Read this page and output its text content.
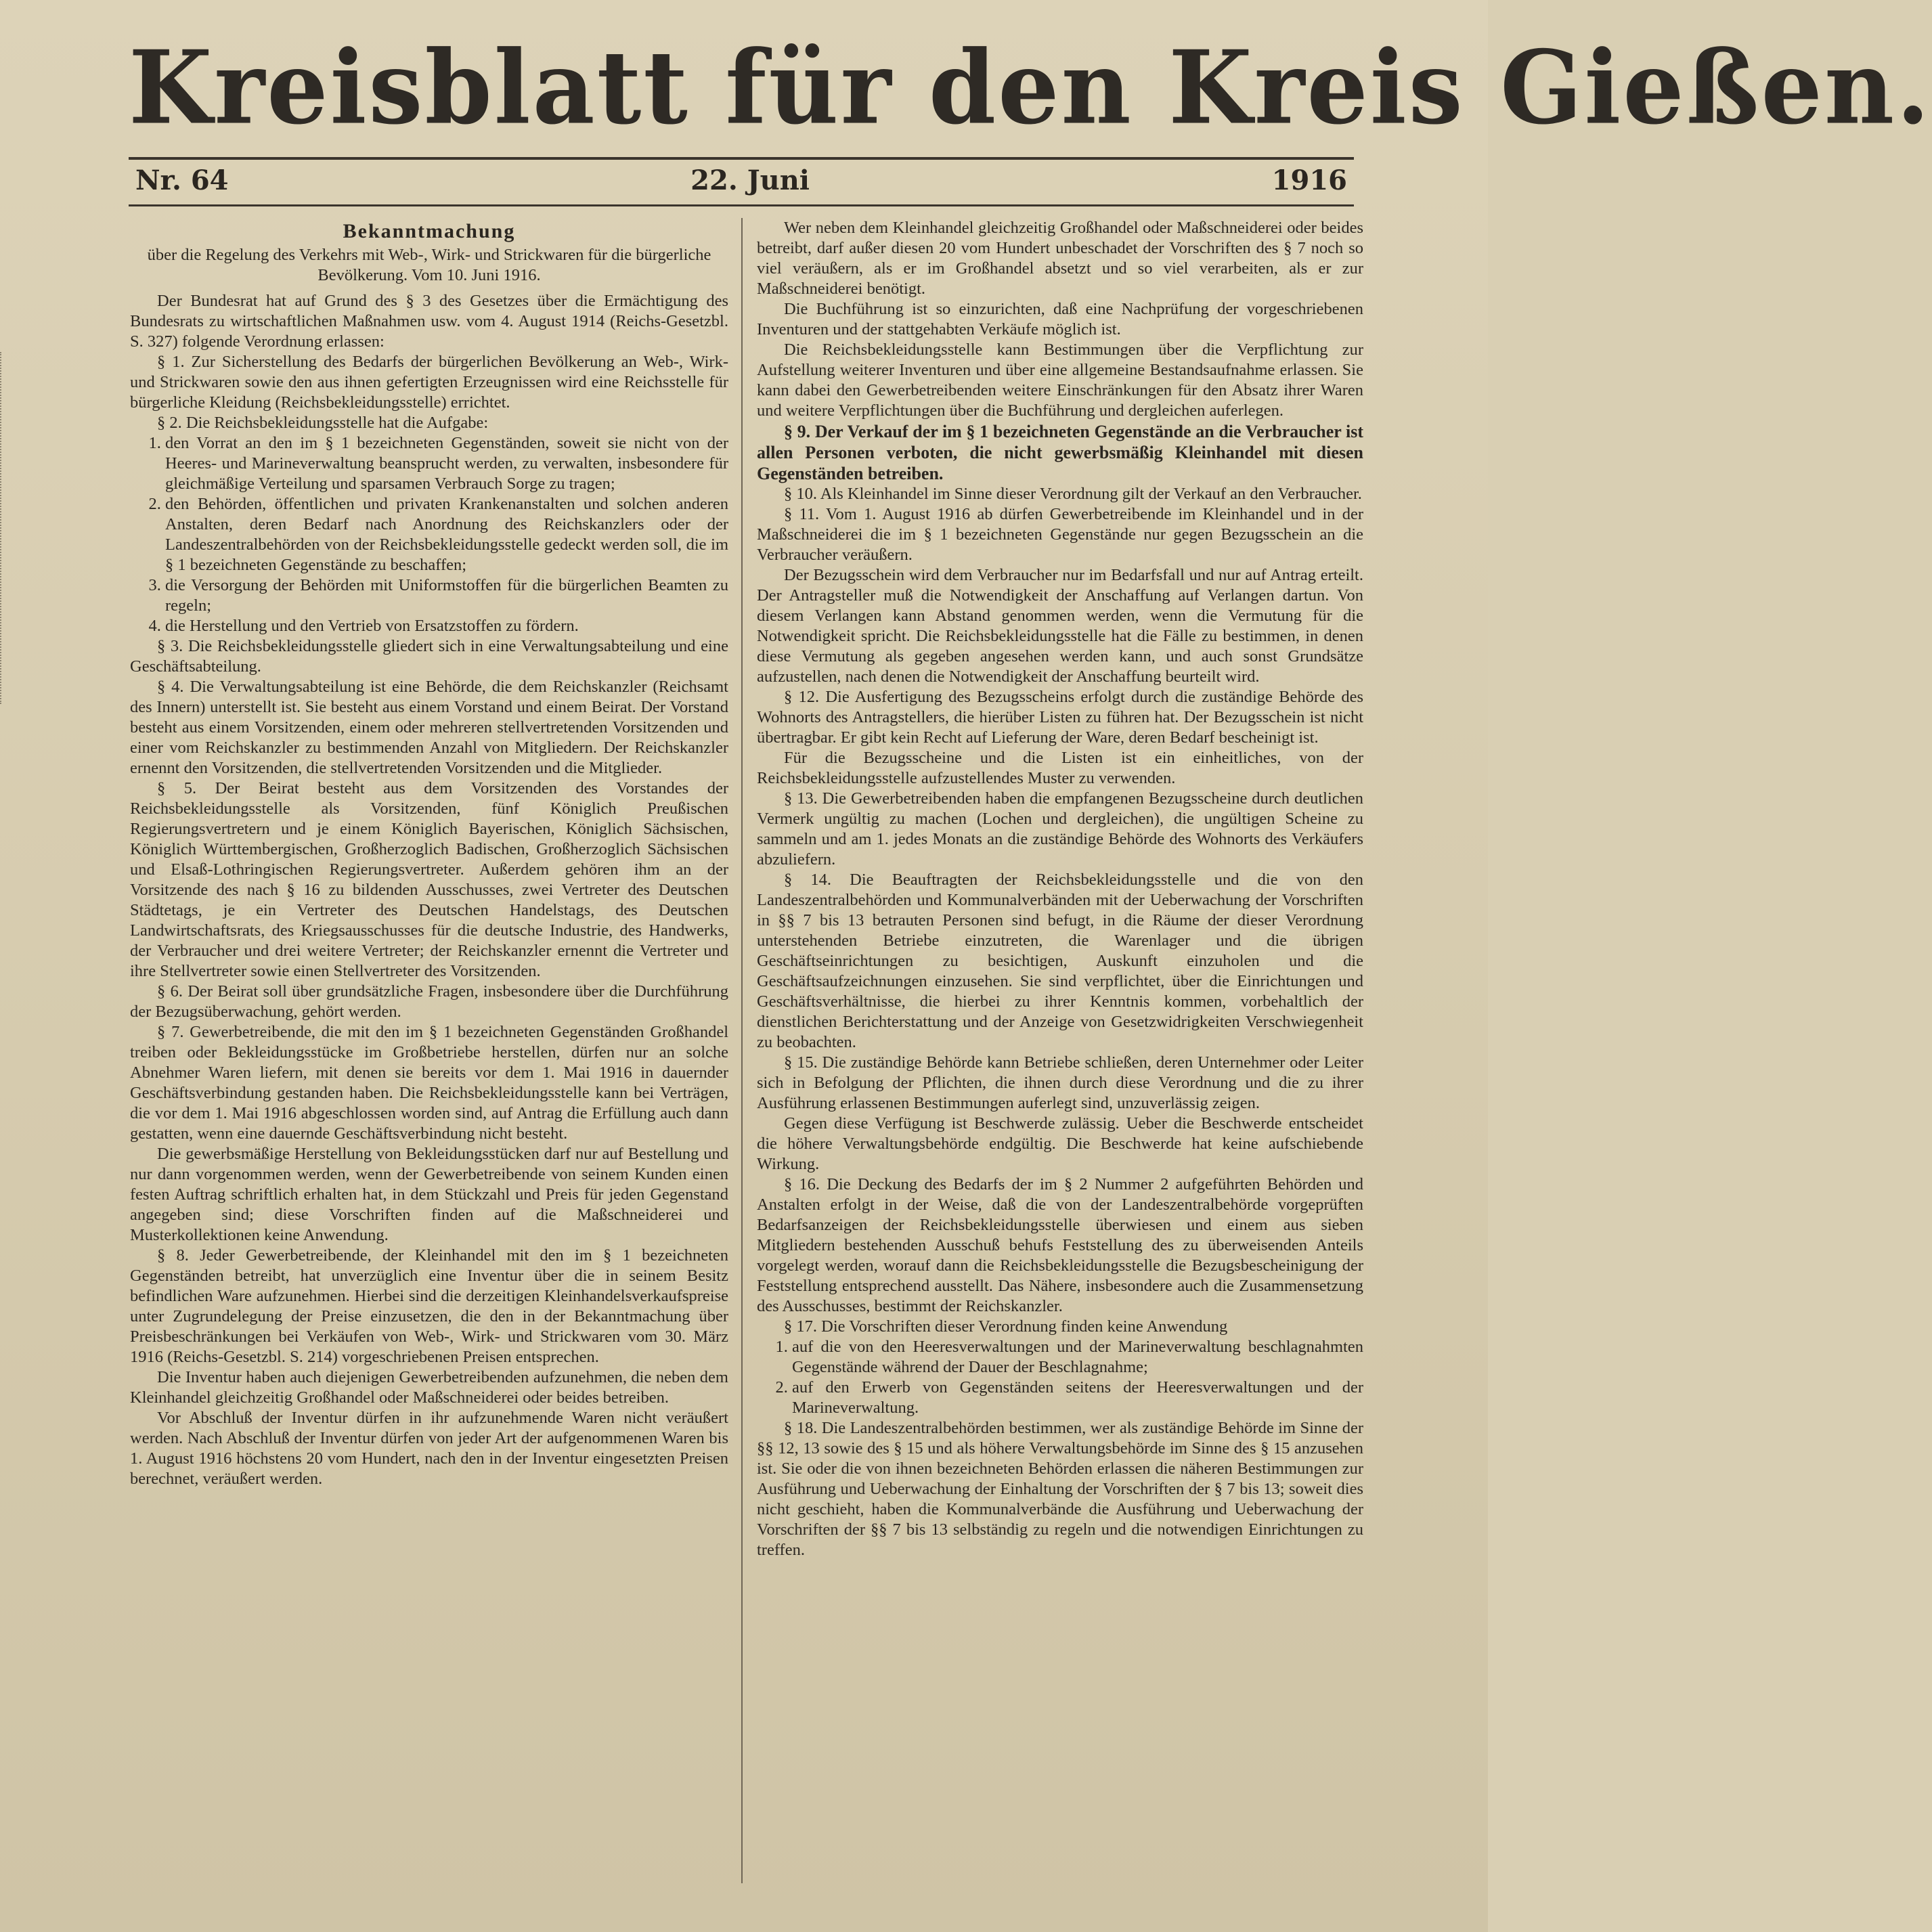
Kreisblatt für den Kreis Gießen.
Nr. 64	22. Juni	1916
Bekanntmachung
über die Regelung des Verkehrs mit Web-, Wirk- und Strickwaren für die bürgerliche Bevölkerung. Vom 10. Juni 1916.

Der Bundesrat hat auf Grund des § 3 des Gesetzes über die Ermächtigung des Bundesrats zu wirtschaftlichen Maßnahmen usw. vom 4. August 1914 (Reichs-Gesetzbl. S. 327) folgende Verordnung erlassen:

§ 1. Zur Sicherstellung des Bedarfs der bürgerlichen Bevölkerung an Web-, Wirk- und Strickwaren sowie den aus ihnen gefertigten Erzeugnissen wird eine Reichsstelle für bürgerliche Kleidung (Reichsbekleidungsstelle) errichtet.

§ 2. Die Reichsbekleidungsstelle hat die Aufgabe:

1. den Vorrat an den im § 1 bezeichneten Gegenständen, soweit sie nicht von der Heeres- und Marineverwaltung beansprucht werden, zu verwalten, insbesondere für gleichmäßige Verteilung und sparsamen Verbrauch Sorge zu tragen;
2. den Behörden, öffentlichen und privaten Krankenanstalten und solchen anderen Anstalten, deren Bedarf nach Anordnung des Reichskanzlers oder der Landeszentralbehörden von der Reichsbekleidungsstelle gedeckt werden soll, die im § 1 bezeichneten Gegenstände zu beschaffen;
3. die Versorgung der Behörden mit Uniformstoffen für die bürgerlichen Beamten zu regeln;
4. die Herstellung und den Vertrieb von Ersatzstoffen zu fördern.

§ 3. Die Reichsbekleidungsstelle gliedert sich in eine Verwaltungsabteilung und eine Geschäftsabteilung.

§ 4. Die Verwaltungsabteilung ist eine Behörde, die dem Reichskanzler (Reichsamt des Innern) unterstellt ist. Sie besteht aus einem Vorstand und einem Beirat. Der Vorstand besteht aus einem Vorsitzenden, einem oder mehreren stellvertretenden Vorsitzenden und einer vom Reichskanzler zu bestimmenden Anzahl von Mitgliedern. Der Reichskanzler ernennt den Vorsitzenden, die stellvertretenden Vorsitzenden und die Mitglieder.

§ 5. Der Beirat besteht aus dem Vorsitzenden des Vorstandes der Reichsbekleidungsstelle als Vorsitzenden, fünf Königlich Preußischen Regierungsvertretern und je einem Königlich Bayerischen, Königlich Sächsischen, Königlich Württembergischen, Großherzoglich Badischen, Großherzoglich Sächsischen und Elsaß-Lothringischen Regierungsvertreter. Außerdem gehören ihm an der Vorsitzende des nach § 16 zu bildenden Ausschusses, zwei Vertreter des Deutschen Städtetags, je ein Vertreter des Deutschen Handelstags, des Deutschen Landwirtschaftsrats, des Kriegsausschusses für die deutsche Industrie, des Handwerks, der Verbraucher und drei weitere Vertreter; der Reichskanzler ernennt die Vertreter und ihre Stellvertreter sowie einen Stellvertreter des Vorsitzenden.

§ 6. Der Beirat soll über grundsätzliche Fragen, insbesondere über die Durchführung der Bezugsüberwachung, gehört werden.

§ 7. Gewerbetreibende, die mit den im § 1 bezeichneten Gegenständen Großhandel treiben oder Bekleidungsstücke im Großbetriebe herstellen, dürfen nur an solche Abnehmer Waren liefern, mit denen sie bereits vor dem 1. Mai 1916 in dauernder Geschäftsverbindung gestanden haben. Die Reichsbekleidungsstelle kann bei Verträgen, die vor dem 1. Mai 1916 abgeschlossen worden sind, auf Antrag die Erfüllung auch dann gestatten, wenn eine dauernde Geschäftsverbindung nicht besteht.

Die gewerbsmäßige Herstellung von Bekleidungsstücken darf nur auf Bestellung und nur dann vorgenommen werden, wenn der Gewerbetreibende von seinem Kunden einen festen Auftrag schriftlich erhalten hat, in dem Stückzahl und Preis für jeden Gegenstand angegeben sind; diese Vorschriften finden auf die Maßschneiderei und Musterkollektionen keine Anwendung.

§ 8. Jeder Gewerbetreibende, der Kleinhandel mit den im § 1 bezeichneten Gegenständen betreibt, hat unverzüglich eine Inventur über die in seinem Besitz befindlichen Ware aufzunehmen. Hierbei sind die derzeitigen Kleinhandelsverkaufspreise unter Zugrundelegung der Preise einzusetzen, die den in der Bekanntmachung über Preisbeschränkungen bei Verkäufen von Web-, Wirk- und Strickwaren vom 30. März 1916 (Reichs-Gesetzbl. S. 214) vorgeschriebenen Preisen entsprechen.

Die Inventur haben auch diejenigen Gewerbetreibenden aufzunehmen, die neben dem Kleinhandel gleichzeitig Großhandel oder Maßschneiderei oder beides betreiben.

Vor Abschluß der Inventur dürfen in ihr aufzunehmende Waren nicht veräußert werden. Nach Abschluß der Inventur dürfen von jeder Art der aufgenommenen Waren bis 1. August 1916 höchstens 20 vom Hundert, nach den in der Inventur eingesetzten Preisen berechnet, veräußert werden.

Wer neben dem Kleinhandel gleichzeitig Großhandel oder Maßschneiderei oder beides betreibt, darf außer diesen 20 vom Hundert unbeschadet der Vorschriften des § 7 noch so viel veräußern, als er im Großhandel absetzt und so viel verarbeiten, als er zur Maßschneiderei benötigt.

Die Buchführung ist so einzurichten, daß eine Nachprüfung der vorgeschriebenen Inventuren und der stattgehabten Verkäufe möglich ist.

Die Reichsbekleidungsstelle kann Bestimmungen über die Verpflichtung zur Aufstellung weiterer Inventuren und über eine allgemeine Bestandsaufnahme erlassen. Sie kann dabei den Gewerbetreibenden weitere Einschränkungen für den Absatz ihrer Waren und weitere Verpflichtungen über die Buchführung und dergleichen auferlegen.

§ 9. Der Verkauf der im § 1 bezeichneten Gegenstände an die Verbraucher ist allen Personen verboten, die nicht gewerbsmäßig Kleinhandel mit diesen Gegenständen betreiben.

§ 10. Als Kleinhandel im Sinne dieser Verordnung gilt der Verkauf an den Verbraucher.

§ 11. Vom 1. August 1916 ab dürfen Gewerbetreibende im Kleinhandel und in der Maßschneiderei die im § 1 bezeichneten Gegenstände nur gegen Bezugsschein an die Verbraucher veräußern.

Der Bezugsschein wird dem Verbraucher nur im Bedarfsfall und nur auf Antrag erteilt. Der Antragsteller muß die Notwendigkeit der Anschaffung auf Verlangen dartun. Von diesem Verlangen kann Abstand genommen werden, wenn die Vermutung für die Notwendigkeit spricht. Die Reichsbekleidungsstelle hat die Fälle zu bestimmen, in denen diese Vermutung als gegeben angesehen werden kann, und auch sonst Grundsätze aufzustellen, nach denen die Notwendigkeit der Anschaffung beurteilt wird.

§ 12. Die Ausfertigung des Bezugsscheins erfolgt durch die zuständige Behörde des Wohnorts des Antragstellers, die hierüber Listen zu führen hat. Der Bezugsschein ist nicht übertragbar. Er gibt kein Recht auf Lieferung der Ware, deren Bedarf bescheinigt ist.

Für die Bezugsscheine und die Listen ist ein einheitliches, von der Reichsbekleidungsstelle aufzustellendes Muster zu verwenden.

§ 13. Die Gewerbetreibenden haben die empfangenen Bezugsscheine durch deutlichen Vermerk ungültig zu machen (Lochen und dergleichen), die ungültigen Scheine zu sammeln und am 1. jedes Monats an die zuständige Behörde des Wohnorts des Verkäufers abzuliefern.

§ 14. Die Beauftragten der Reichsbekleidungsstelle und die von den Landeszentralbehörden und Kommunalverbänden mit der Ueberwachung der Vorschriften in §§ 7 bis 13 betrauten Personen sind befugt, in die Räume der dieser Verordnung unterstehenden Betriebe einzutreten, die Warenlager und die übrigen Geschäftseinrichtungen zu besichtigen, Auskunft einzuholen und die Geschäftsaufzeichnungen einzusehen. Sie sind verpflichtet, über die Einrichtungen und Geschäftsverhältnisse, die hierbei zu ihrer Kenntnis kommen, vorbehaltlich der dienstlichen Berichterstattung und der Anzeige von Gesetzwidrigkeiten Verschwiegenheit zu beobachten.

§ 15. Die zuständige Behörde kann Betriebe schließen, deren Unternehmer oder Leiter sich in Befolgung der Pflichten, die ihnen durch diese Verordnung und die zu ihrer Ausführung erlassenen Bestimmungen auferlegt sind, unzuverlässig zeigen.

Gegen diese Verfügung ist Beschwerde zulässig. Ueber die Beschwerde entscheidet die höhere Verwaltungsbehörde endgültig. Die Beschwerde hat keine aufschiebende Wirkung.

§ 16. Die Deckung des Bedarfs der im § 2 Nummer 2 aufgeführten Behörden und Anstalten erfolgt in der Weise, daß die von der Landeszentralbehörde vorgeprüften Bedarfsanzeigen der Reichsbekleidungsstelle überwiesen und einem aus sieben Mitgliedern bestehenden Ausschuß behufs Feststellung des zu überweisenden Anteils vorgelegt werden, worauf dann die Reichsbekleidungsstelle die Bezugsbescheinigung der Feststellung entsprechend ausstellt. Das Nähere, insbesondere auch die Zusammensetzung des Ausschusses, bestimmt der Reichskanzler.

§ 17. Die Vorschriften dieser Verordnung finden keine Anwendung

1. auf die von den Heeresverwaltungen und der Marineverwaltung beschlagnahmten Gegenstände während der Dauer der Beschlagnahme;
2. auf den Erwerb von Gegenständen seitens der Heeresverwaltungen und der Marineverwaltung.

§ 18. Die Landeszentralbehörden bestimmen, wer als zuständige Behörde im Sinne der §§ 12, 13 sowie des § 15 und als höhere Verwaltungsbehörde im Sinne des § 15 anzusehen ist. Sie oder die von ihnen bezeichneten Behörden erlassen die näheren Bestimmungen zur Ausführung und Ueberwachung der Einhaltung der Vorschriften der § 7 bis 13; soweit dies nicht geschieht, haben die Kommunalverbände die Ausführung und Ueberwachung der Vorschriften der §§ 7 bis 13 selbständig zu regeln und die notwendigen Einrichtungen zu treffen.
